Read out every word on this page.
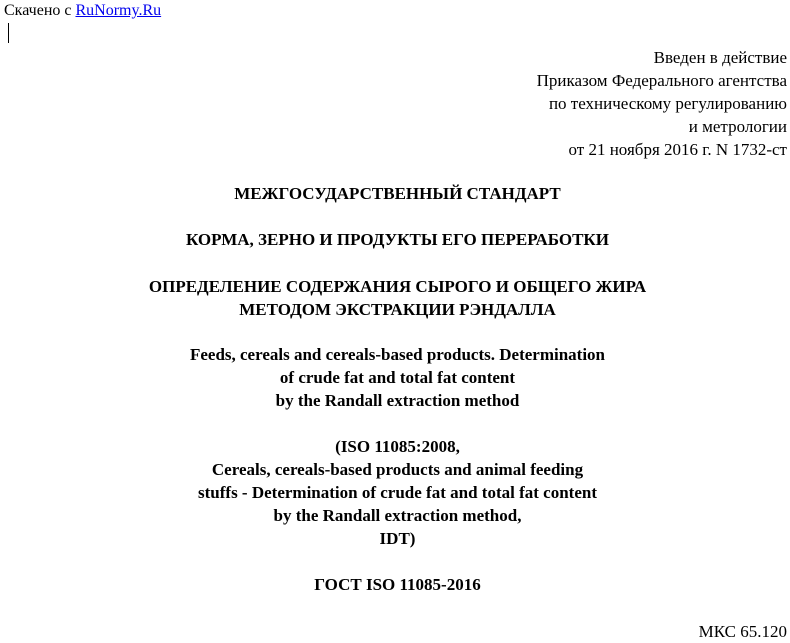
Скачено с RuNormy.Ru
Введен в действие
Приказом Федерального агентства
по техническому регулированию
и метрологии
от 21 ноября 2016 г. N 1732-ст
МЕЖГОСУДАРСТВЕННЫЙ СТАНДАРТ
КОРМА, ЗЕРНО И ПРОДУКТЫ ЕГО ПЕРЕРАБОТКИ
ОПРЕДЕЛЕНИЕ СОДЕРЖАНИЯ СЫРОГО И ОБЩЕГО ЖИРА
МЕТОДОМ ЭКСТРАКЦИИ РЭНДАЛЛА
Feeds, cereals and cereals-based products. Determination
of crude fat and total fat content
by the Randall extraction method
(ISO 11085:2008,
Cereals, cereals-based products and animal feeding
stuffs - Determination of crude fat and total fat content
by the Randall extraction method,
IDT)
ГОСТ ISO 11085-2016
МКС 65.120
